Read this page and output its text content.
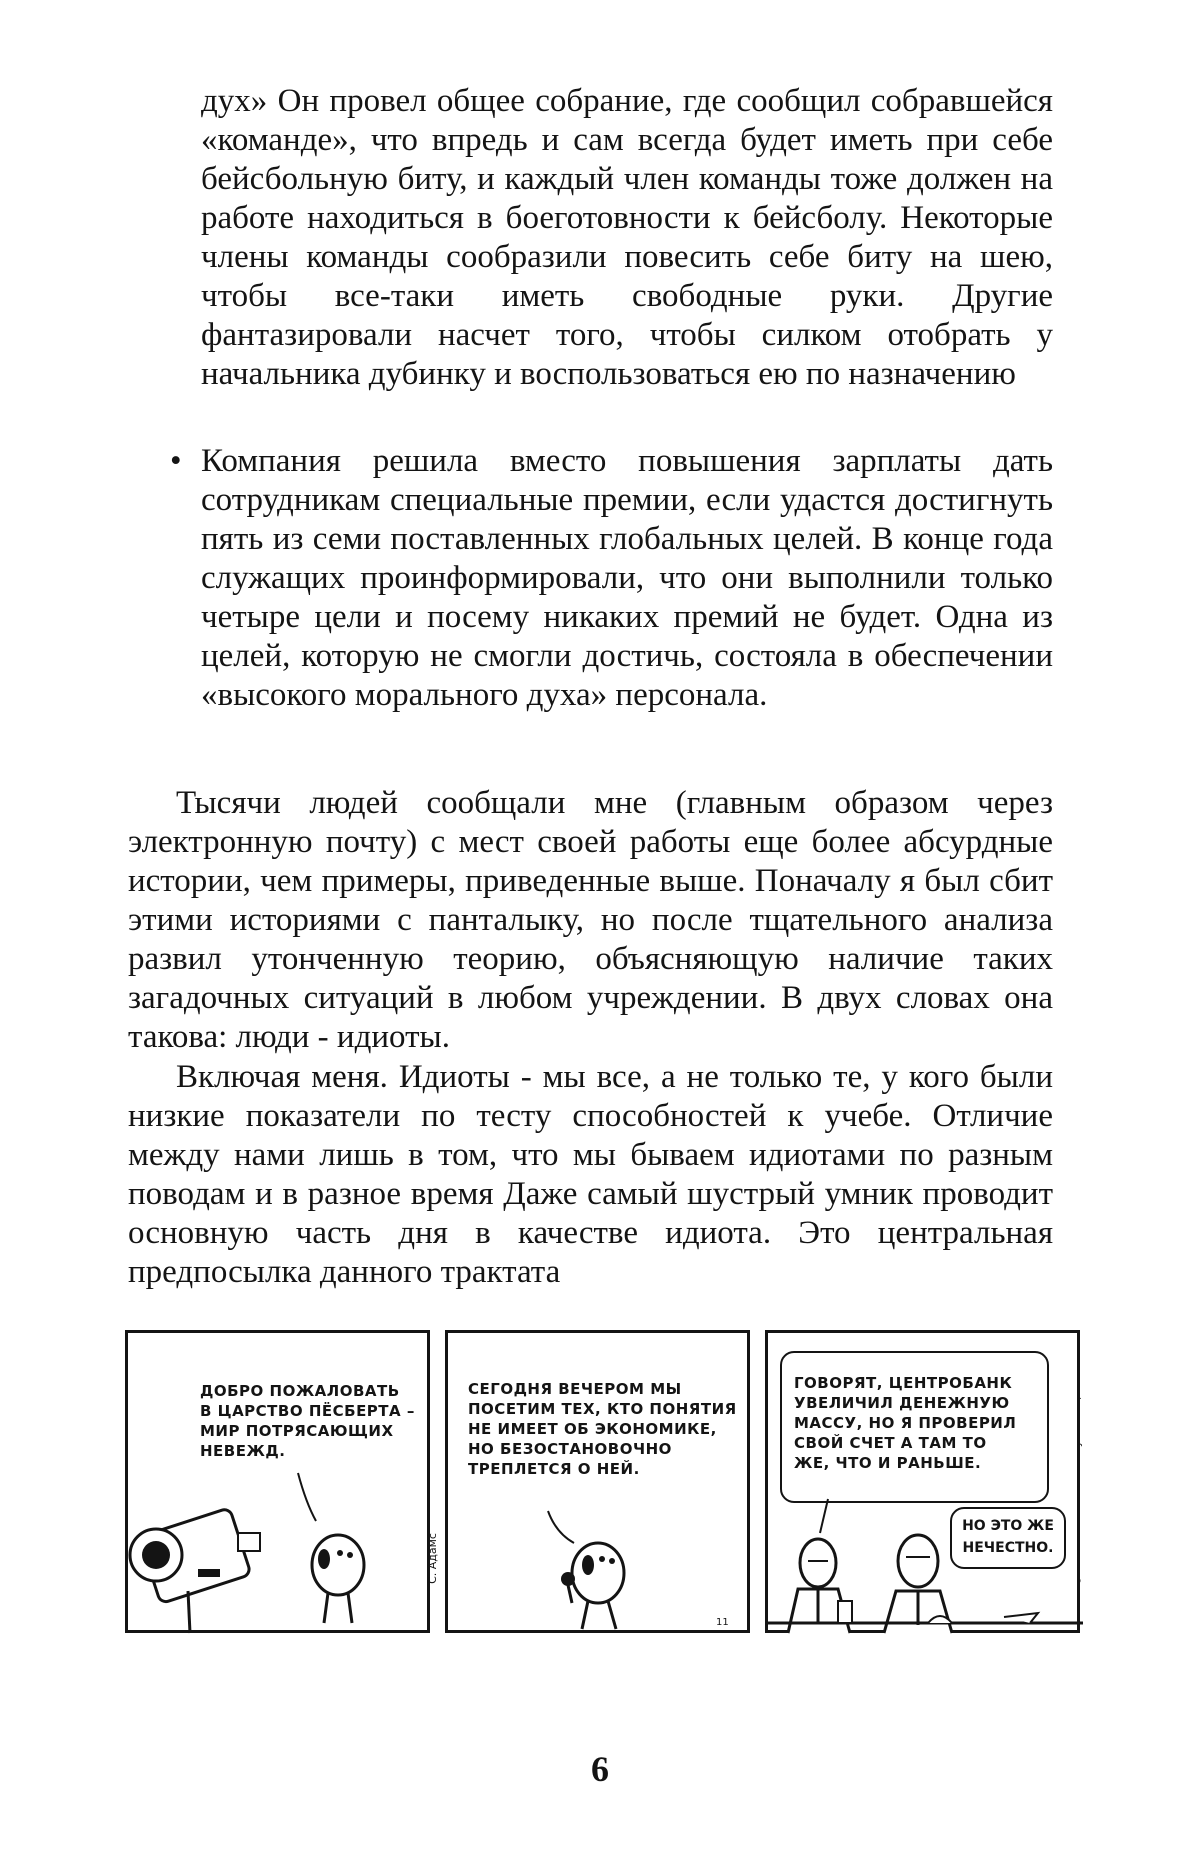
дух» Он провел общее собрание, где сообщил собравшейся «команде», что впредь и сам всегда будет иметь при себе бейсбольную биту, и каждый член команды тоже должен на работе находиться в боеготовности к бейсболу. Некоторые члены команды сообразили повесить себе биту на шею, чтобы все-таки иметь свободные руки. Другие фантазировали насчет того, чтобы силком отобрать у начальника дубинку и воспользоваться ею по назначению

• Компания решила вместо повышения зарплаты дать сотрудникам специальные премии, если удастся достигнуть пять из семи поставленных глобальных целей. В конце года служащих проинформировали, что они выполнили только четыре цели и посему никаких премий не будет. Одна из целей, которую не смогли достичь, состояла в обеспечении «высокого морального духа» персонала.

Тысячи людей сообщали мне (главным образом через электронную почту) с мест своей работы еще более абсурдные истории, чем примеры, приведенные выше. Поначалу я был сбит этими историями с панталыку, но после тщательного анализа развил утонченную теорию, объясняющую наличие таких загадочных ситуаций в любом учреждении. В двух словах она такова: люди - идиоты.

Включая меня. Идиоты - мы все, а не только те, у кого были низкие показатели по тесту способностей к учебе. Отличие между нами лишь в том, что мы бываем идиотами по разным поводам и в разное время Даже самый шустрый умник проводит основную часть дня в качестве идиота. Это центральная предпосылка данного трактата

ДОБРО ПОЖАЛОВАТЬ В ЦАРСТВО ПЁСБЕРТА – МИР ПОТРЯСАЮЩИХ НЕВЕЖД.
С. Адамс
СЕГОДНЯ ВЕЧЕРОМ МЫ ПОСЕТИМ ТЕХ, КТО ПОНЯТИЯ НЕ ИМЕЕТ ОБ ЭКОНОМИКЕ, НО БЕЗОСТАНОВОЧНО ТРЕПЛЕТСЯ О НЕЙ.
11
ГОВОРЯТ, ЦЕНТРОБАНК УВЕЛИЧИЛ ДЕНЕЖНУЮ МАССУ, НО Я ПРОВЕРИЛ СВОЙ СЧЕТ А ТАМ ТО ЖЕ, ЧТО И РАНЬШЕ.
НО ЭТО ЖЕ НЕЧЕСТНО.
6
